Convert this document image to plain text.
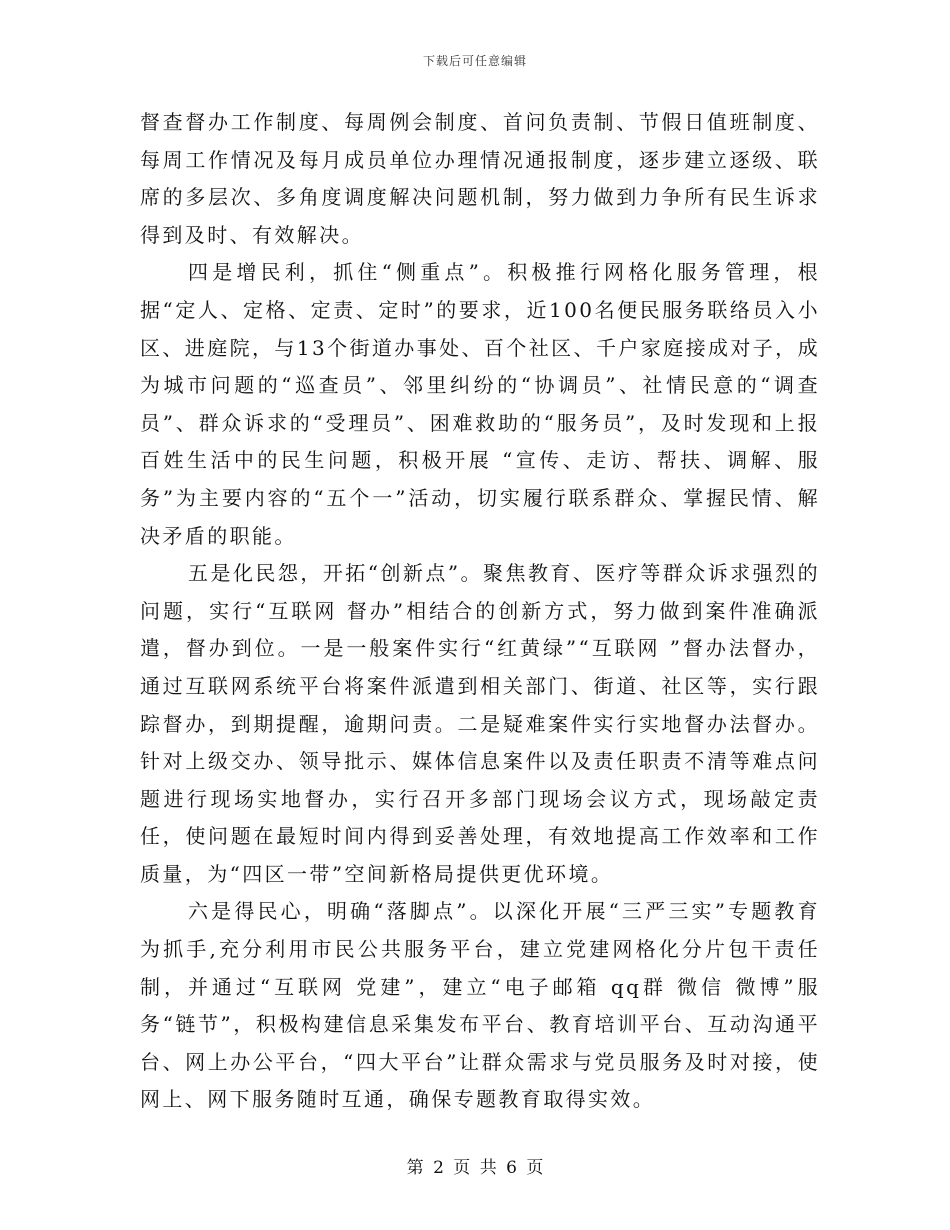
下载后可任意编辑

督查督办工作制度、每周例会制度、首问负责制、节假日值班制度、每周工作情况及每月成员单位办理情况通报制度，逐步建立逐级、联席的多层次、多角度调度解决问题机制，努力做到力争所有民生诉求得到及时、有效解决。

四是增民利，抓住“侧重点”。积极推行网格化服务管理，根据“定人、定格、定责、定时”的要求，近100名便民服务联络员入小区、进庭院，与13个街道办事处、百个社区、千户家庭接成对子，成为城市问题的“巡查员”、邻里纠纷的“协调员”、社情民意的“调查员”、群众诉求的“受理员”、困难救助的“服务员”，及时发现和上报百姓生活中的民生问题，积极开展 “宣传、走访、帮扶、调解、服务”为主要内容的“五个一”活动，切实履行联系群众、掌握民情、解决矛盾的职能。

五是化民怨，开拓“创新点”。聚焦教育、医疗等群众诉求强烈的问题，实行“互联网 督办”相结合的创新方式，努力做到案件准确派遣，督办到位。一是一般案件实行“红黄绿”“互联网 ”督办法督办，通过互联网系统平台将案件派遣到相关部门、街道、社区等，实行跟踪督办，到期提醒，逾期问责。二是疑难案件实行实地督办法督办。针对上级交办、领导批示、媒体信息案件以及责任职责不清等难点问题进行现场实地督办，实行召开多部门现场会议方式，现场敲定责任，使问题在最短时间内得到妥善处理，有效地提高工作效率和工作质量，为“四区一带”空间新格局提供更优环境。

六是得民心，明确“落脚点”。以深化开展“三严三实”专题教育为抓手,充分利用市民公共服务平台，建立党建网格化分片包干责任制，并通过“互联网 党建”，建立“电子邮箱 qq群 微信 微博”服务“链节”，积极构建信息采集发布平台、教育培训平台、互动沟通平台、网上办公平台，“四大平台”让群众需求与党员服务及时对接，使网上、网下服务随时互通，确保专题教育取得实效。

第 2 页 共 6 页
